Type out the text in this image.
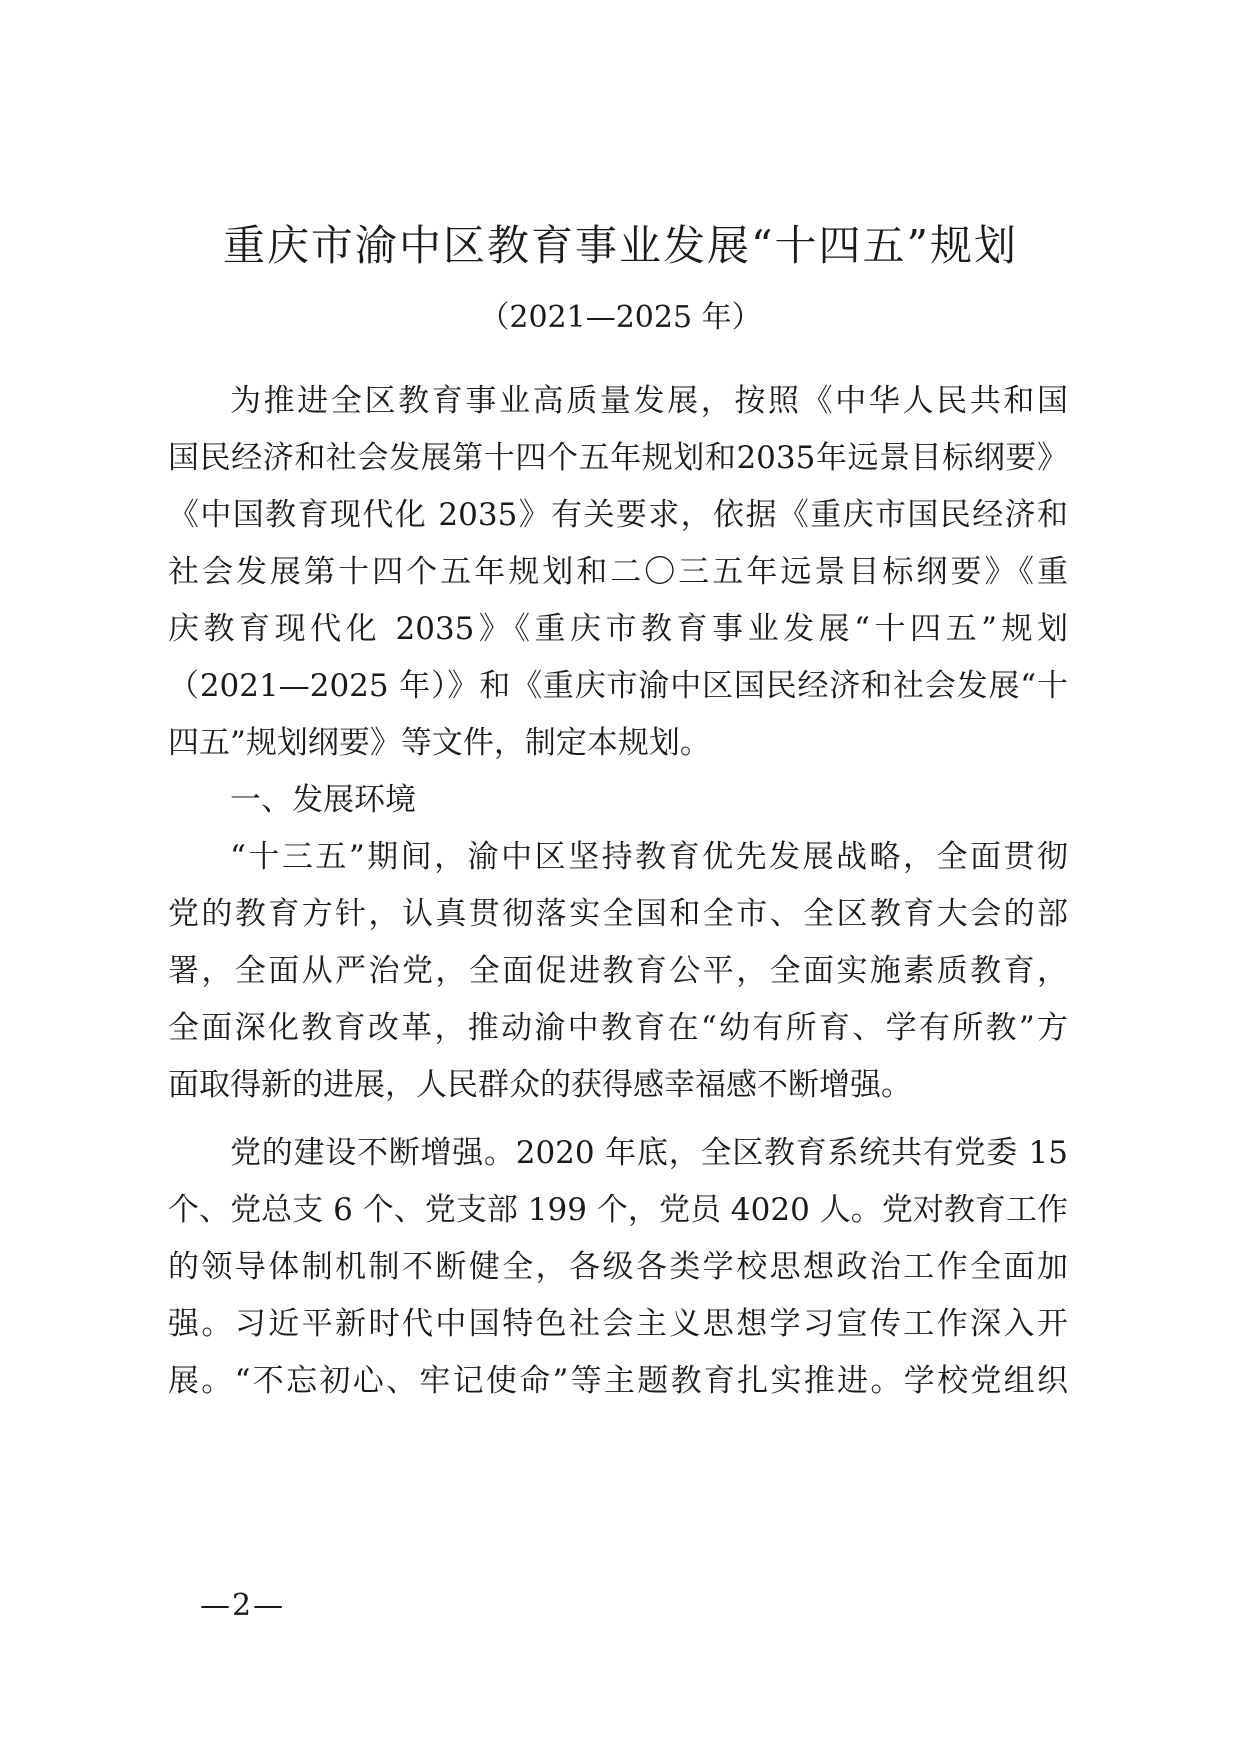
重庆市渝中区教育事业发展“十四五”规划
（2021—2025 年）
为推进全区教育事业高质量发展，按照《中华人民共和国
国民经济和社会发展第十四个五年规划和2035年远景目标纲要》
《中国教育现代化 2035》有关要求，依据《重庆市国民经济和
社会发展第十四个五年规划和二〇三五年远景目标纲要》《重
庆教育现代化 2035》《重庆市教育事业发展“十四五”规划
（2021—2025 年）》和《重庆市渝中区国民经济和社会发展“十
四五”规划纲要》等文件，制定本规划。
一、发展环境
“十三五”期间，渝中区坚持教育优先发展战略，全面贯彻
党的教育方针，认真贯彻落实全国和全市、全区教育大会的部
署，全面从严治党，全面促进教育公平，全面实施素质教育，
全面深化教育改革，推动渝中教育在“幼有所育、学有所教”方
面取得新的进展，人民群众的获得感幸福感不断增强。
党的建设不断增强。2020 年底，全区教育系统共有党委 15
个、党总支 6 个、党支部 199 个，党员 4020 人。党对教育工作
的领导体制机制不断健全，各级各类学校思想政治工作全面加
强。习近平新时代中国特色社会主义思想学习宣传工作深入开
展。“不忘初心、牢记使命”等主题教育扎实推进。学校党组织
—2—
